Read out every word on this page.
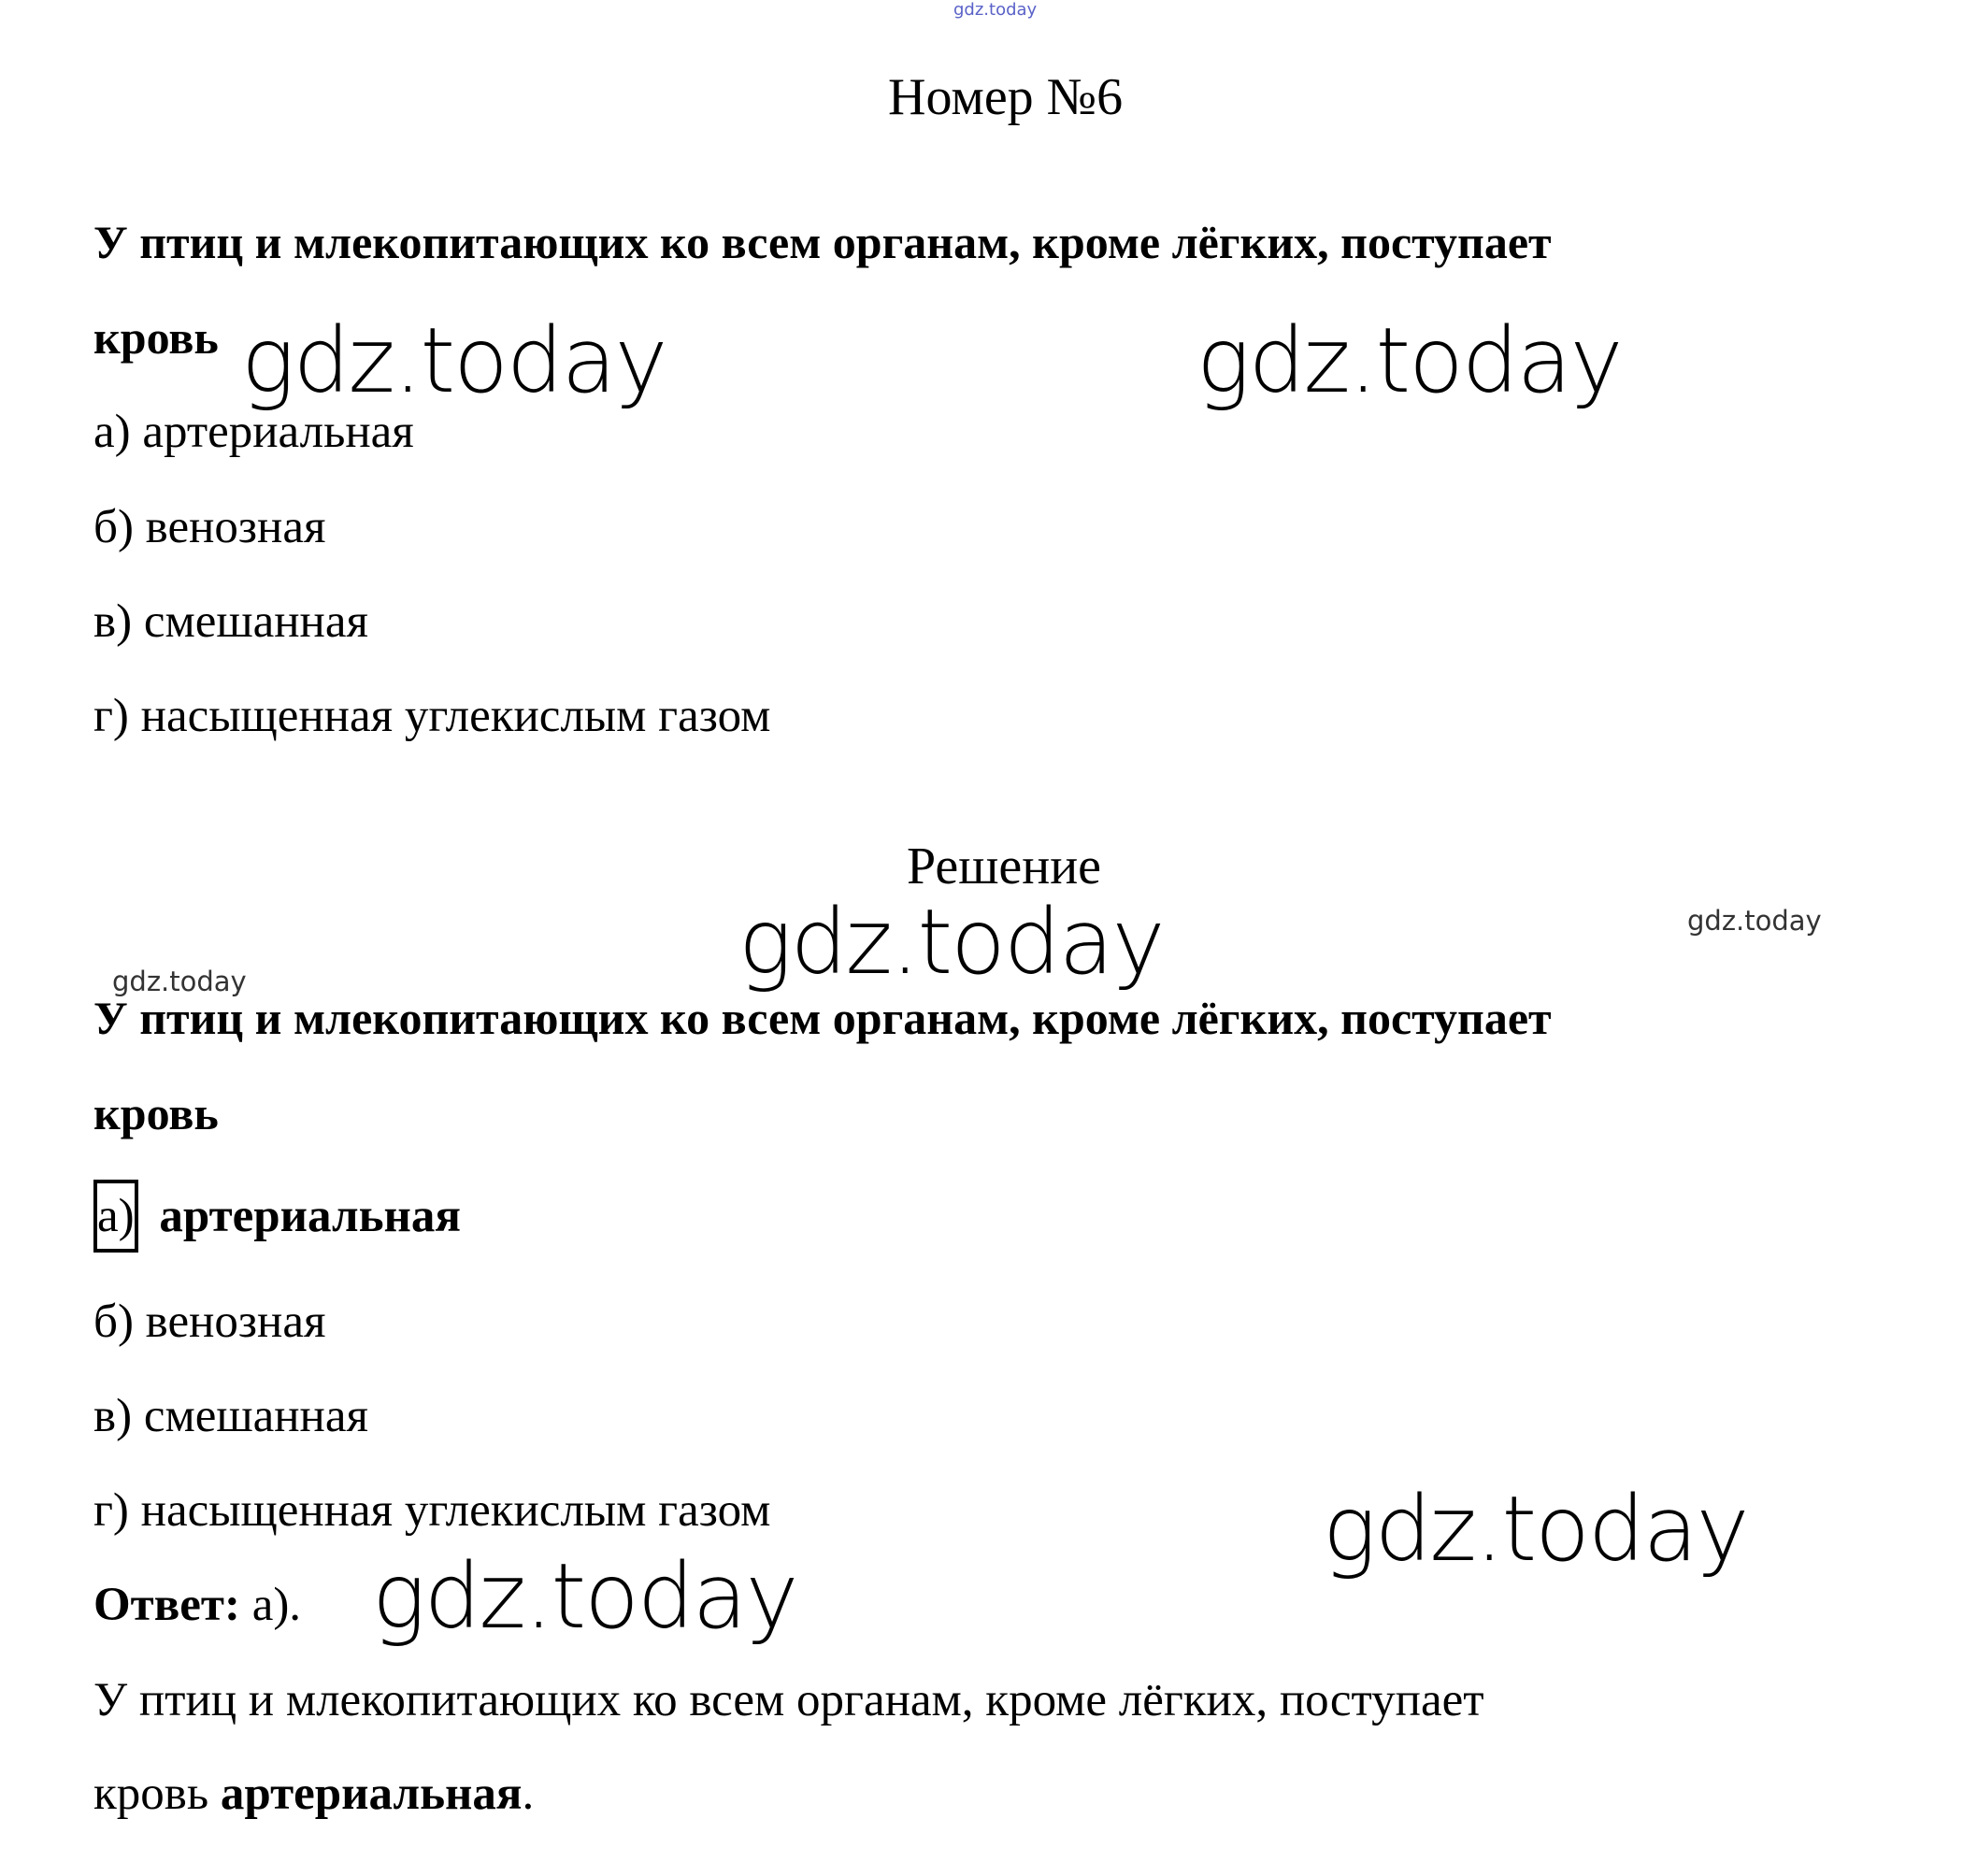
gdz.today
Номер №6
У птиц и млекопитающих ко всем органам, кроме лёгких, поступает
кровь gdz.today	gdz.today
а) артериальная
б) венозная
в) смешанная
г) насыщенная углекислым газом
Решение
gdz.today
gdz.today	gdz.today
У птиц и млекопитающих ко всем органам, кроме лёгких, поступает
кровь
а) артериальная
б) венозная
в) смешанная
г) насыщенная углекислым газом	gdz.today
gdz.today
Ответ: а).
У птиц и млекопитающих ко всем органам, кроме лёгких, поступает
кровь артериальная.
